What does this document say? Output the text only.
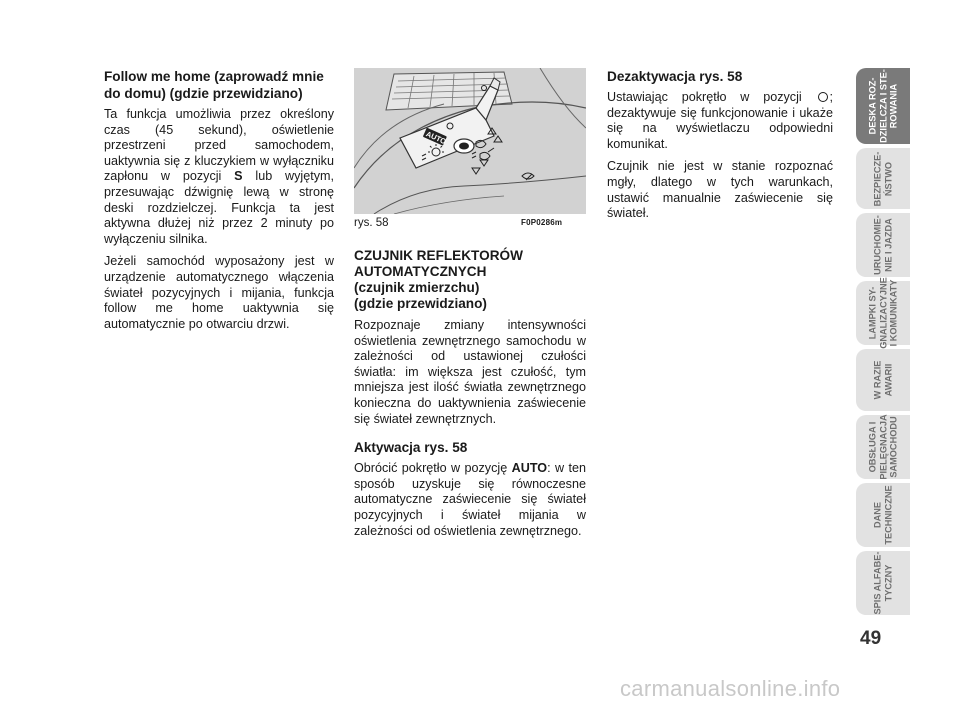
Follow me home (zaprowadź mnie do domu) (gdzie przewidziano)

Ta funkcja umożliwia przez określony czas (45 sekund), oświetlenie przestrzeni przed samochodem, uaktywnia się z kluczykiem w wyłączniku zapłonu w pozycji S lub wyjętym, przesuwając dźwignię lewą w stronę deski rozdzielczej. Funkcja ta jest aktywna dłużej niż przez 2 minuty po wyłączeniu silnika.

Jeżeli samochód wyposażony jest w urządzenie automatycznego włączenia świateł pozycyjnych i mijania, funkcja follow me home uaktywnia się automatycznie po otwarciu drzwi.

AUTO
rys. 58	F0P0286m
CZUJNIK REFLEKTORÓW AUTOMATYCZNYCH
(czujnik zmierzchu)
(gdzie przewidziano)

Rozpoznaje zmiany intensywności oświetlenia zewnętrznego samochodu w zależności od ustawionej czułości światła: im większa jest czułość, tym mniejsza jest ilość światła zewnętrznego konieczna do uaktywnienia zaświecenie się świateł zewnętrznych.

Aktywacja rys. 58

Obrócić pokrętło w pozycję AUTO: w ten sposób uzyskuje się równoczesne automatyczne zaświecenie się świateł pozycyjnych i świateł mijania w zależności od oświetlenia zewnętrznego.

Dezaktywacja rys. 58

Ustawiając pokrętło w pozycji ; dezaktywuje się funkcjonowanie i ukaże się na wyświetlaczu odpowiedni komunikat.

Czujnik nie jest w stanie rozpoznać mgły, dlatego w tych warunkach, ustawić manualnie zaświecenie się świateł.

DESKA ROZ-
DZIELCZA I STE-
ROWANIA
BEZPIECZE-
ŃSTWO
URUCHOMIE-
NIE I JAZDA
LAMPKI SY-
GNALIZACYJNE
I KOMUNIKATY
W RAZIE
AWARII
OBSŁUGA I
PIELĘGNACJA
SAMOCHODU
DANE
TECHNICZNE
SPIS ALFABE-
TYCZNY
49
carmanualsonline.info
